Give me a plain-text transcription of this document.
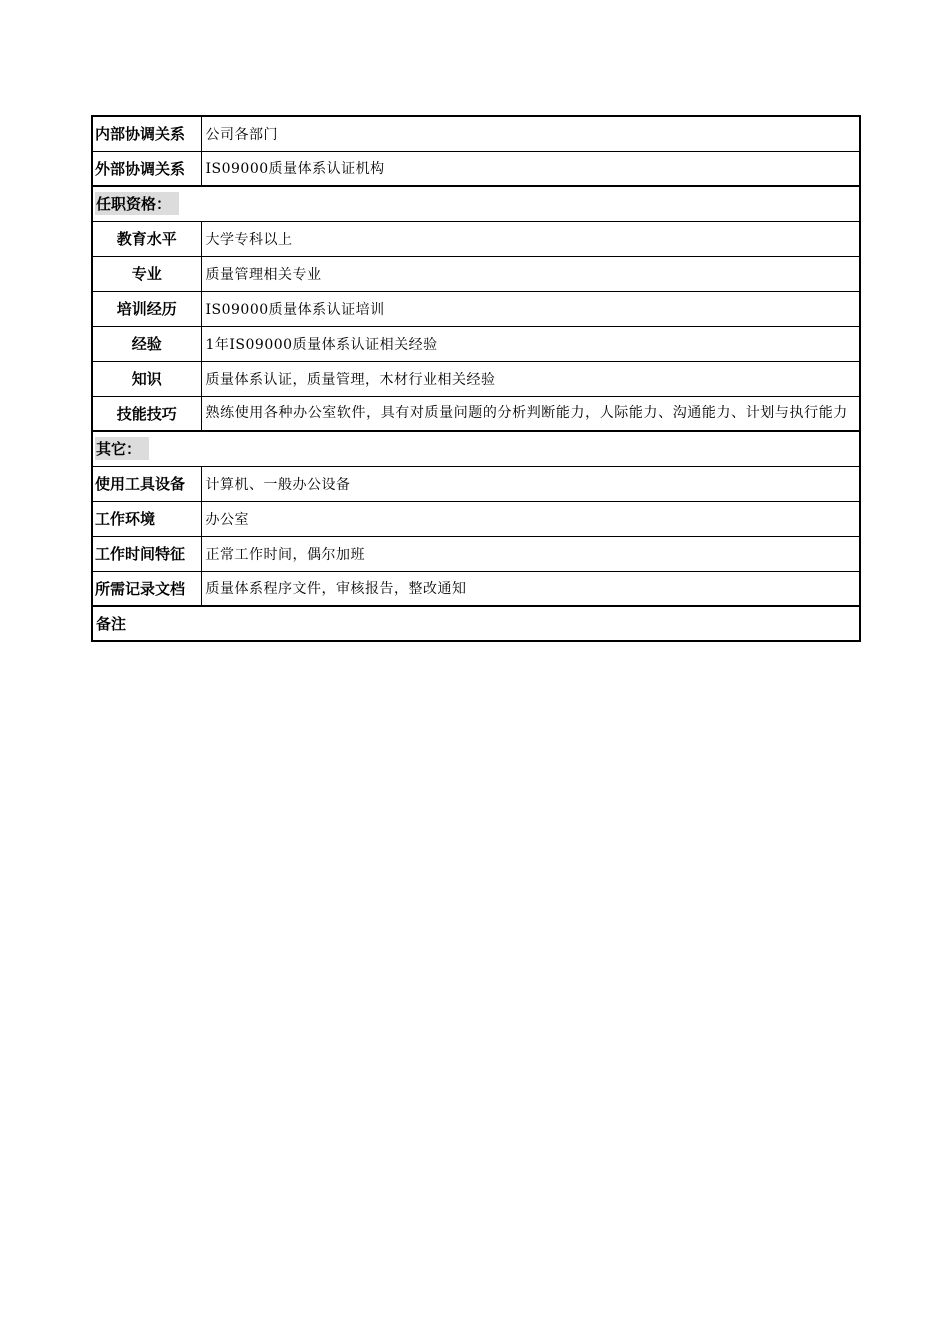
内部协调关系	公司各部门
外部协调关系	IS09000质量体系认证机构
任职资格：	
教育水平	大学专科以上
专业	质量管理相关专业
培训经历	IS09000质量体系认证培训
经验	1年IS09000质量体系认证相关经验
知识	质量体系认证，质量管理，木材行业相关经验
技能技巧	熟练使用各种办公室软件，具有对质量问题的分析判断能力，人际能力、沟通能力、计划与执行能力
其它：	
使用工具设备	计算机、一般办公设备
工作环境	办公室
工作时间特征	正常工作时间，偶尔加班
所需记录文档	质量体系程序文件，审核报告，整改通知
备注	
